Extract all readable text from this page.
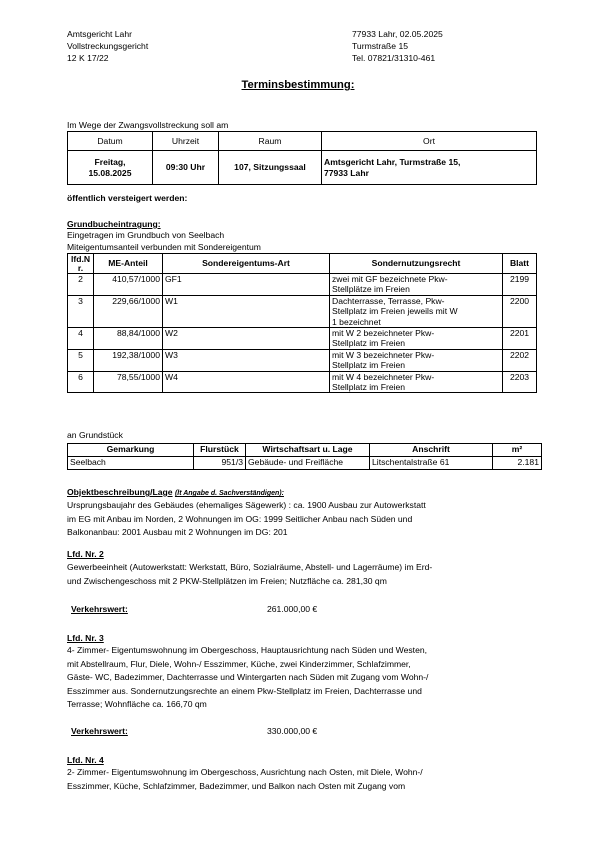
Amtsgericht Lahr
Vollstreckungsgericht
12 K 17/22
77933 Lahr, 02.05.2025
Turmstraße 15
Tel. 07821/31310-461
Terminsbestimmung:
Im Wege der Zwangsvollstreckung soll am
Datum	Uhrzeit	Raum	Ort

Freitag,
15.08.2025	09:30 Uhr	107, Sitzungssaal	Amtsgericht Lahr, Turmstraße 15,
77933 Lahr
öffentlich versteigert werden:
Grundbucheintragung:
Eingetragen im Grundbuch von Seelbach
Miteigentumsanteil verbunden mit Sondereigentum
lfd.N r.	ME-Anteil	Sondereigentums-Art	Sondernutzungsrecht	Blatt
2	410,57/1000	GF1	zwei mit GF bezeichnete Pkw-
Stellplätze im Freien	2199
3	229,66/1000	W1	Dachterrasse, Terrasse, Pkw-
Stellplatz im Freien jeweils mit W
1 bezeichnet	2200
4	88,84/1000	W2	mit W 2 bezeichneter Pkw-
Stellplatz im Freien	2201
5	192,38/1000	W3	mit W 3 bezeichneter Pkw-
Stellplatz im Freien	2202
6	78,55/1000	W4	mit W 4 bezeichneter Pkw-
Stellplatz im Freien	2203
an Grundstück
Gemarkung	Flurstück	Wirtschaftsart u. Lage	Anschrift	m²
Seelbach	951/3	Gebäude- und Freifläche	Litschentalstraße 61	2.181
Objektbeschreibung/Lage (lt Angabe d. Sachverständigen):
Ursprungsbaujahr des Gebäudes (ehemaliges Sägewerk) : ca. 1900 Ausbau zur Autowerkstatt
im EG mit Anbau im Norden, 2 Wohnungen im OG: 1999 Seitlicher Anbau nach Süden und
Balkonanbau: 2001 Ausbau mit 2 Wohnungen im DG: 201
Lfd. Nr. 2
Gewerbeeinheit (Autowerkstatt: Werkstatt, Büro, Sozialräume, Abstell- und Lagerräume) im Erd-
und Zwischengeschoss mit 2 PKW-Stellplätzen im Freien; Nutzfläche ca. 281,30 qm
Verkehrswert:	261.000,00 €
Lfd. Nr. 3
4- Zimmer- Eigentumswohnung im Obergeschoss, Hauptausrichtung nach Süden und Westen,
mit Abstellraum, Flur, Diele, Wohn-/ Esszimmer, Küche, zwei Kinderzimmer, Schlafzimmer,
Gäste- WC, Badezimmer, Dachterrasse und Wintergarten nach Süden mit Zugang vom Wohn-/
Esszimmer aus. Sondernutzungsrechte an einem Pkw-Stellplatz im Freien, Dachterrasse und
Terrasse; Wohnfläche ca. 166,70 qm
Verkehrswert:	330.000,00 €
Lfd. Nr. 4
2- Zimmer- Eigentumswohnung im Obergeschoss, Ausrichtung nach Osten, mit Diele, Wohn-/
Esszimmer, Küche, Schlafzimmer, Badezimmer, und Balkon nach Osten mit Zugang vom
